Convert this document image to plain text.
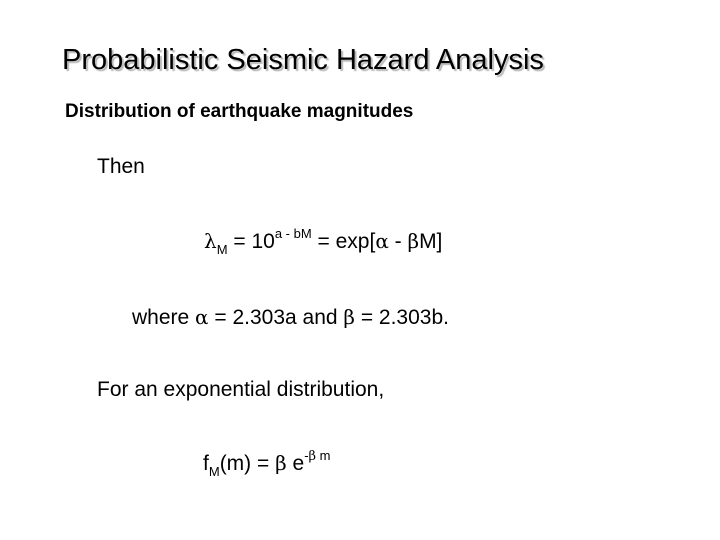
Probabilistic Seismic Hazard Analysis
Distribution of earthquake magnitudes
Then
$\lambda_M = 10^{a - bM} = \exp[\alpha - \beta M]$
where α = 2.303a and β = 2.303b.
For an exponential distribution,
$f_M(m) = \beta$ $e^{-\beta m}$
